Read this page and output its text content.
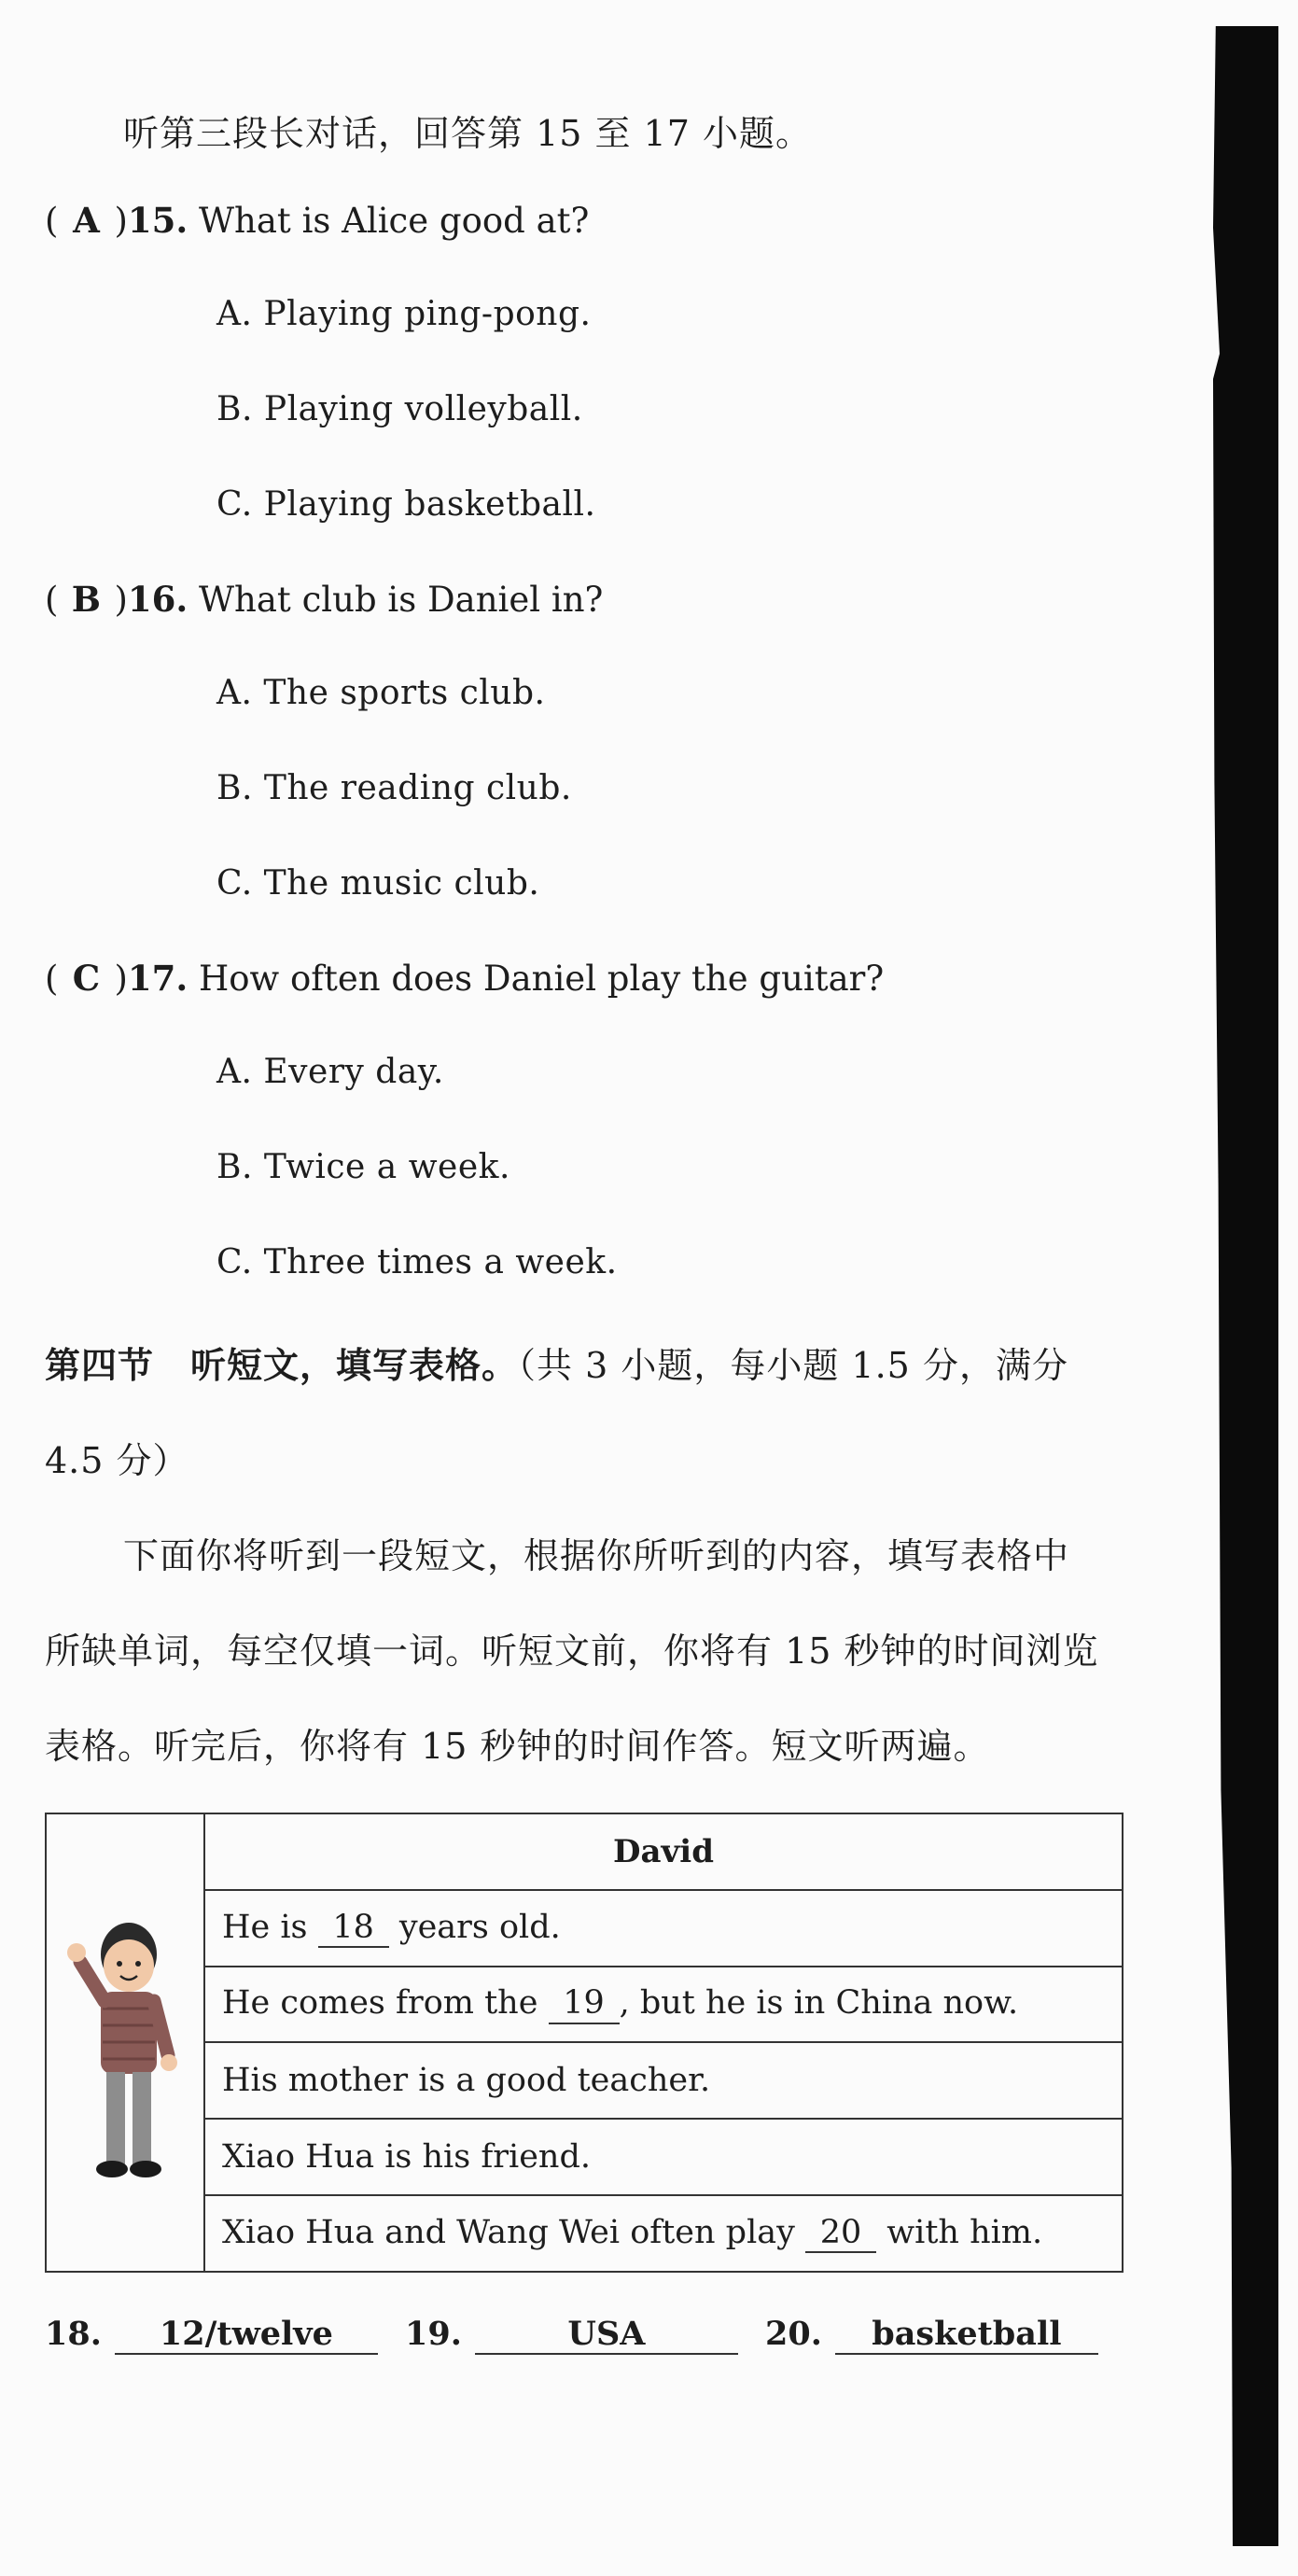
听第三段长对话，回答第 15 至 17 小题。
( A )15. What is Alice good at?
A. Playing ping-pong.
B. Playing volleyball.
C. Playing basketball.
( B )16. What club is Daniel in?
A. The sports club.
B. The reading club.
C. The music club.
( C )17. How often does Daniel play the guitar?
A. Every day.
B. Twice a week.
C. Three times a week.
第四节　听短文，填写表格。（共 3 小题，每小题 1.5 分，满分
4.5 分）
下面你将听到一段短文，根据你所听到的内容，填写表格中
所缺单词，每空仅填一词。听短文前，你将有 15 秒钟的时间浏览
表格。听完后，你将有 15 秒钟的时间作答。短文听两遍。
	David
He is 18 years old.
He comes from the 19 , but he is in China now.
His mother is a good teacher.
Xiao Hua is his friend.
Xiao Hua and Wang Wei often play 20 with him.
18. 12/twelve	19.	USA	20. basketball
